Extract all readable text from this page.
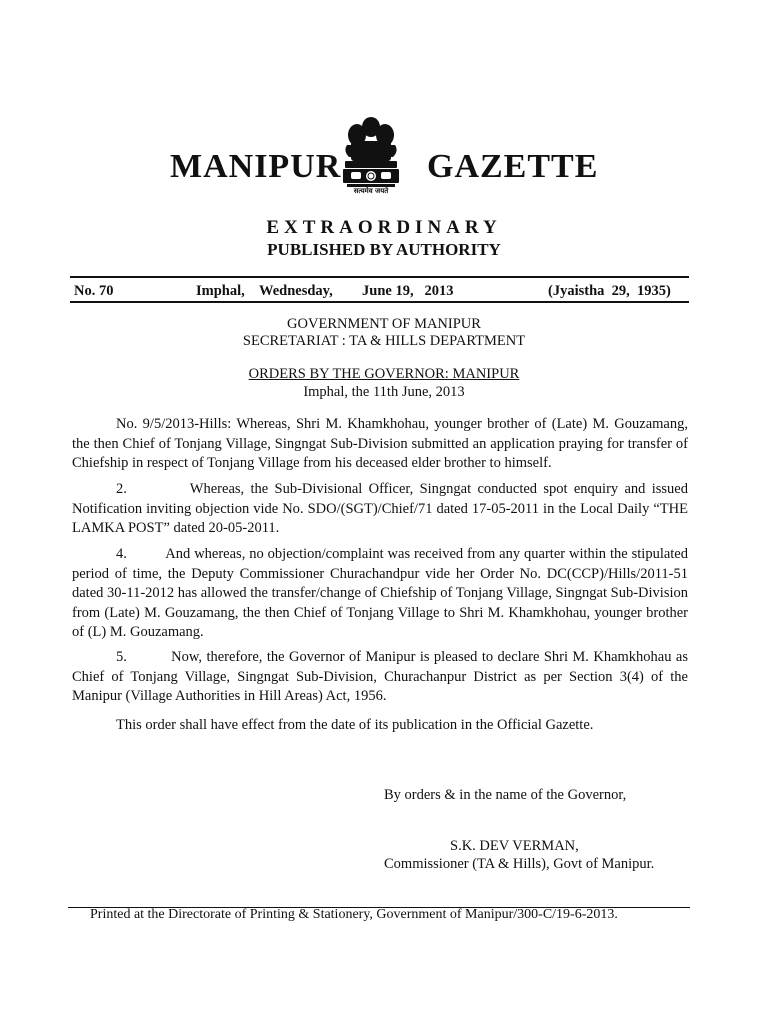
MANIPUR
सत्यमेव जयते
GAZETTE
EXTRAORDINARY
PUBLISHED BY AUTHORITY
No. 70	Imphal,    Wednesday, June 19,   2013	(Jyaistha  29,  1935)
GOVERNMENT OF MANIPUR
SECRETARIAT : TA & HILLS DEPARTMENT
ORDERS BY THE GOVERNOR: MANIPUR
Imphal, the 11th June, 2013
No. 9/5/2013-Hills: Whereas, Shri M. Khamkhohau, younger brother of (Late) M. Gouzamang, the then Chief of Tonjang Village, Singngat Sub-Division submitted an application praying for transfer of Chiefship in respect of Tonjang Village from his deceased elder brother to himself.
2.          Whereas, the Sub-Divisional Officer, Singngat conducted spot enquiry and issued Notification inviting objection vide No. SDO/(SGT)/Chief/71 dated 17-05-2011 in the Local Daily “THE LAMKA POST” dated 20-05-2011.
4.          And whereas, no objection/complaint was received from any quarter within the stipulated period of time, the Deputy Commissioner Churachandpur vide her Order No. DC(CCP)/Hills/2011-51 dated 30-11-2012 has allowed the transfer/change of Chiefship of Tonjang Village, Singngat Sub-Division from (Late) M. Gouzamang, the then Chief of Tonjang Village to Shri M. Khamkhohau, younger brother of (L) M. Gouzamang.
5.          Now, therefore, the Governor of Manipur is pleased to declare Shri M. Khamkhohau as Chief of Tonjang Village, Singngat Sub-Division, Churachanpur District as per Section 3(4) of the Manipur (Village Authorities in Hill Areas) Act, 1956.
This order shall have effect from the date of its publication in the Official Gazette.
By orders & in the name of the Governor,
S.K. DEV VERMAN,
Commissioner (TA & Hills), Govt of Manipur.
Printed at the Directorate of Printing & Stationery, Government of Manipur/300-C/19-6-2013.
